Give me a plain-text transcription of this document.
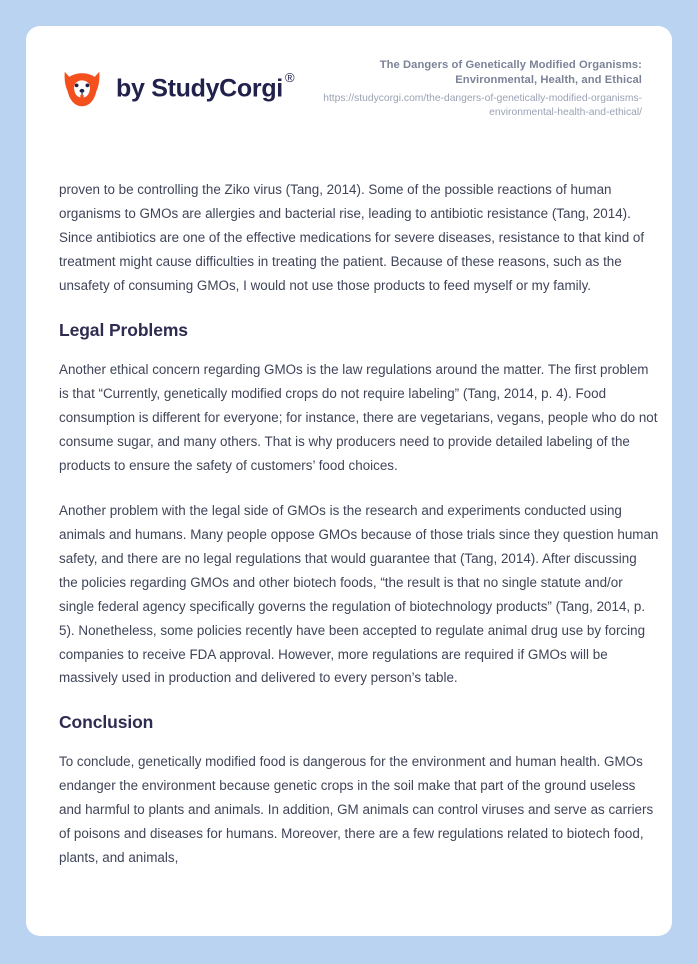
by StudyCorgi ®
The Dangers of Genetically Modified Organisms: Environmental, Health, and Ethical
https://studycorgi.com/the-dangers-of-genetically-modified-organisms-environmental-health-and-ethical/

proven to be controlling the Ziko virus (Tang, 2014). Some of the possible reactions of human organisms to GMOs are allergies and bacterial rise, leading to antibiotic resistance (Tang, 2014). Since antibiotics are one of the effective medications for severe diseases, resistance to that kind of treatment might cause difficulties in treating the patient. Because of these reasons, such as the unsafety of consuming GMOs, I would not use those products to feed myself or my family.

Legal Problems

Another ethical concern regarding GMOs is the law regulations around the matter. The first problem is that “Currently, genetically modified crops do not require labeling” (Tang, 2014, p. 4). Food consumption is different for everyone; for instance, there are vegetarians, vegans, people who do not consume sugar, and many others. That is why producers need to provide detailed labeling of the products to ensure the safety of customers’ food choices.

Another problem with the legal side of GMOs is the research and experiments conducted using animals and humans. Many people oppose GMOs because of those trials since they question human safety, and there are no legal regulations that would guarantee that (Tang, 2014). After discussing the policies regarding GMOs and other biotech foods, “the result is that no single statute and/or single federal agency specifically governs the regulation of biotechnology products” (Tang, 2014, p. 5). Nonetheless, some policies recently have been accepted to regulate animal drug use by forcing companies to receive FDA approval. However, more regulations are required if GMOs will be massively used in production and delivered to every person’s table.

Conclusion

To conclude, genetically modified food is dangerous for the environment and human health. GMOs endanger the environment because genetic crops in the soil make that part of the ground useless and harmful to plants and animals. In addition, GM animals can control viruses and serve as carriers of poisons and diseases for humans. Moreover, there are a few regulations related to biotech food, plants, and animals,
